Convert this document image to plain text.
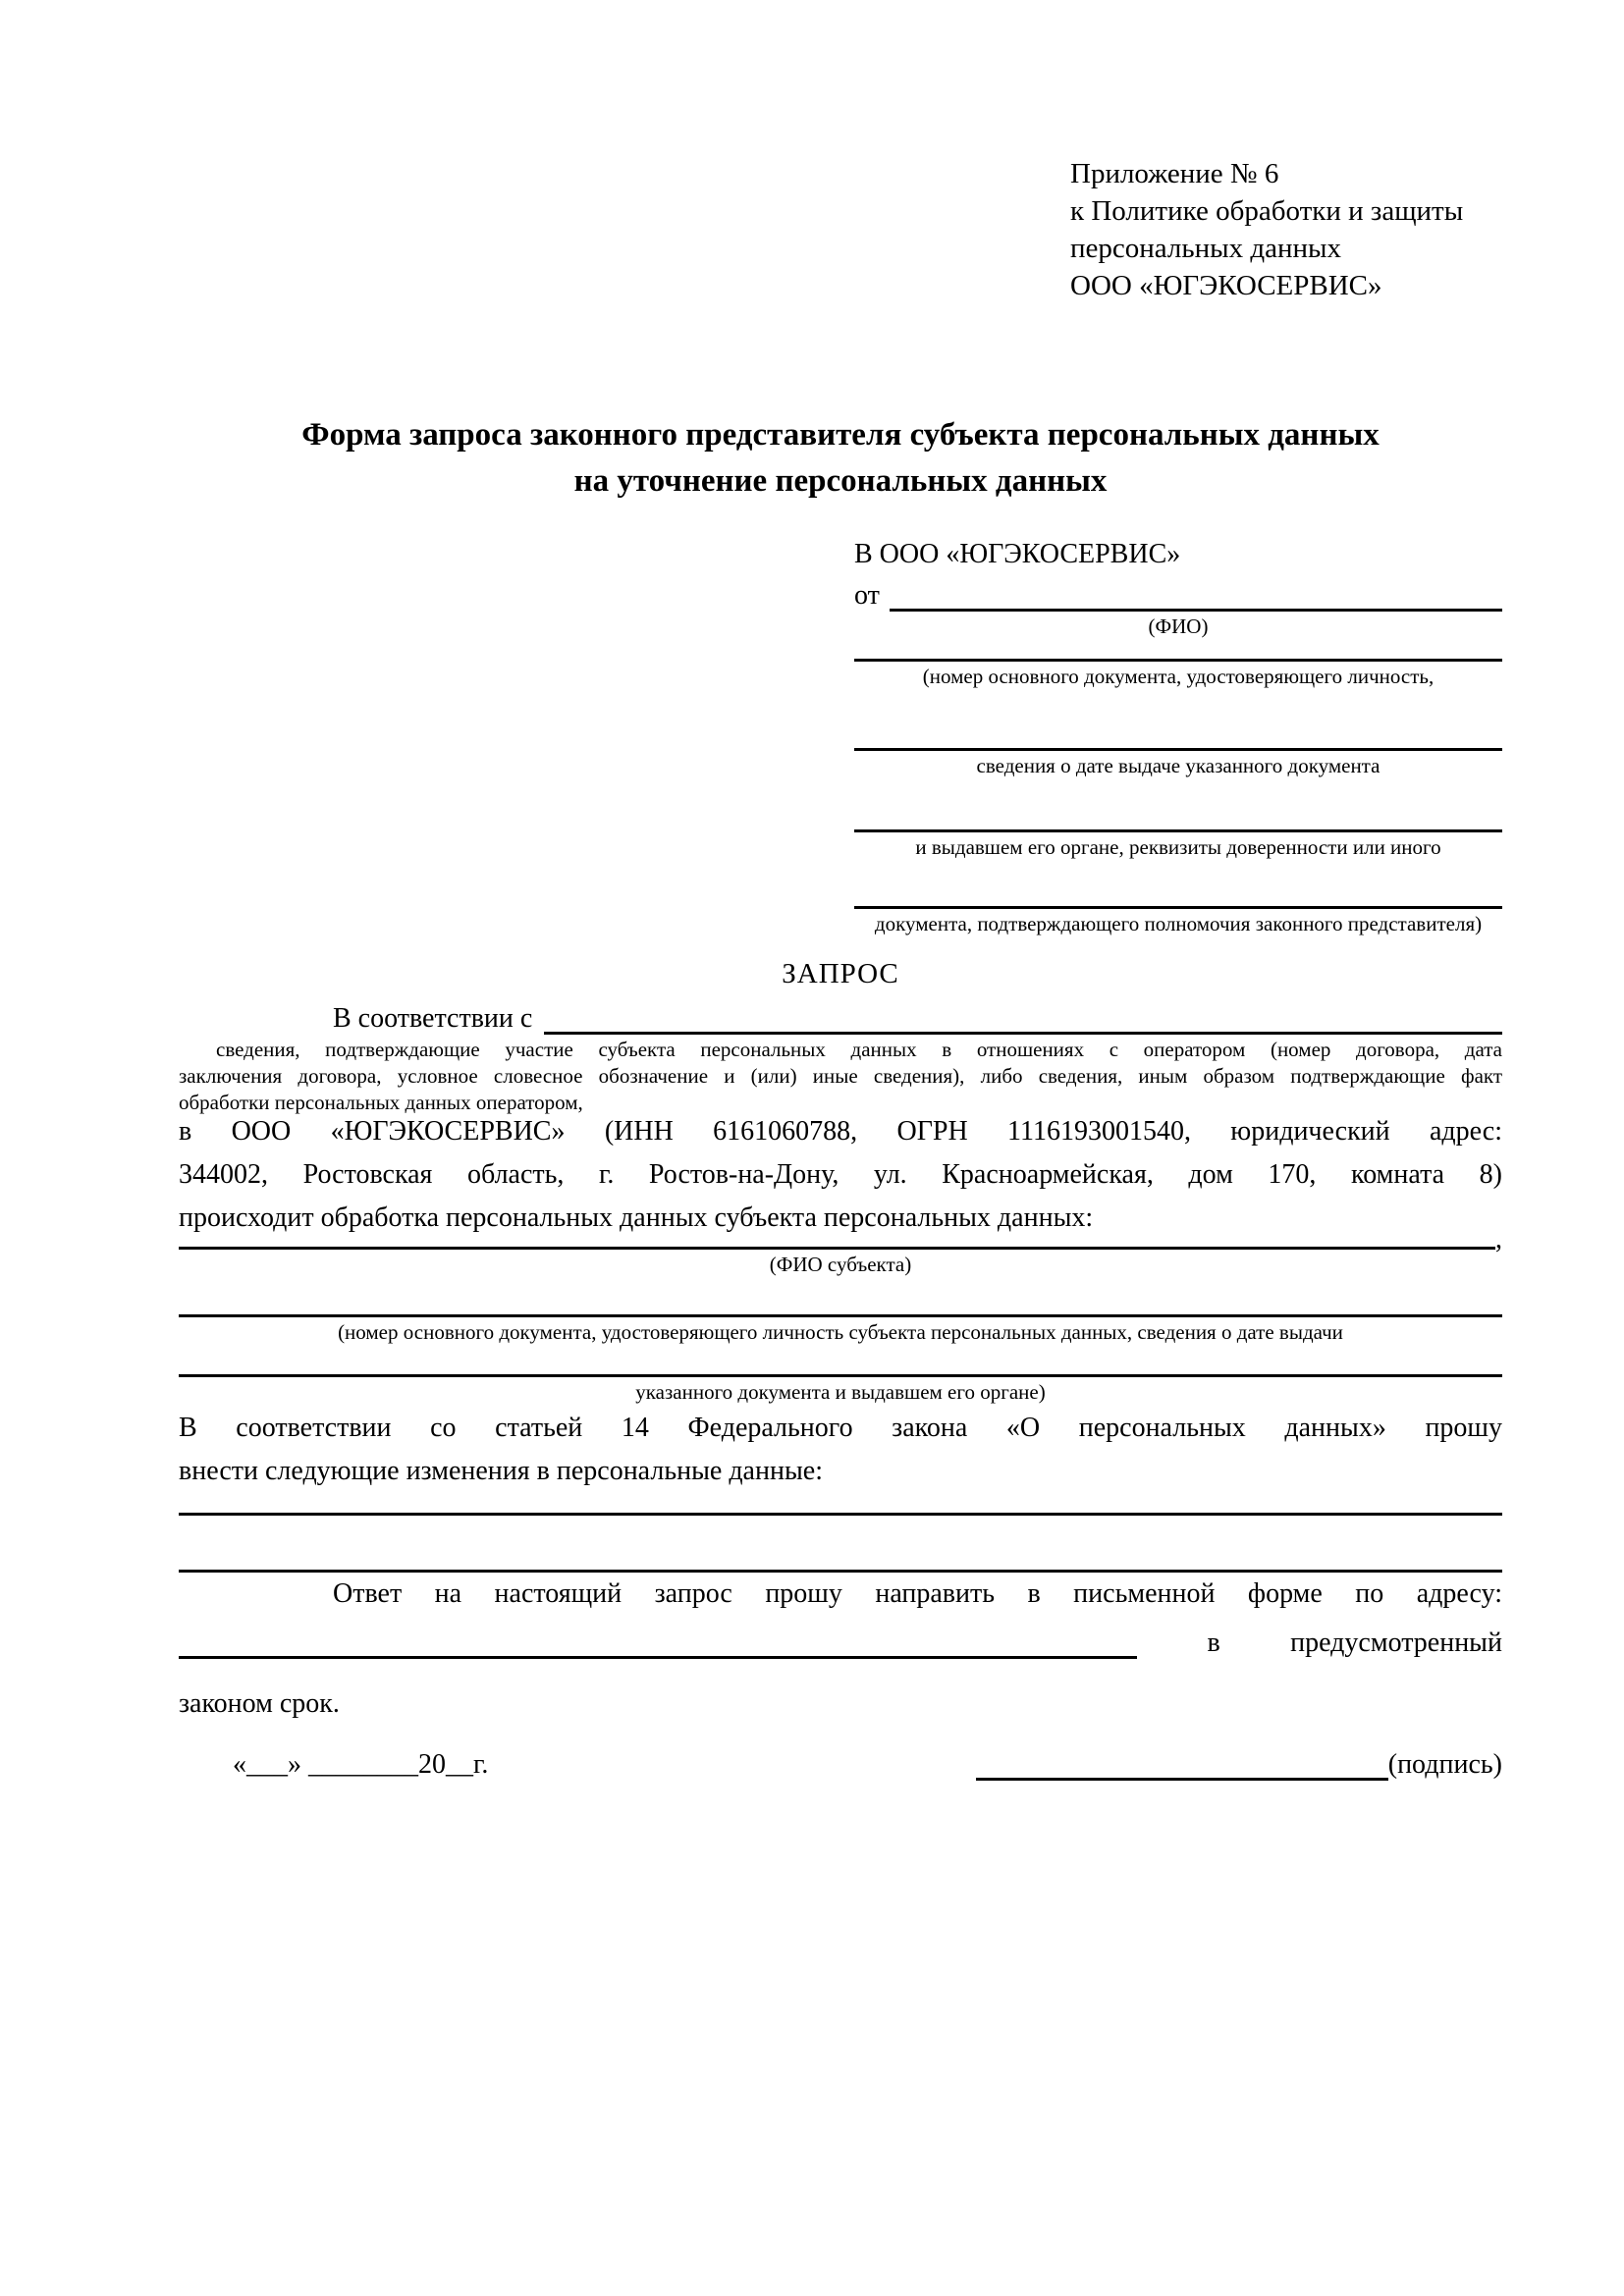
Приложение № 6
к Политике обработки и защиты
персональных данных
ООО «ЮГЭКОСЕРВИС»
Форма запроса законного представителя субъекта персональных данных
на уточнение персональных данных
В ООО «ЮГЭКОСЕРВИС»
от
(ФИО)
(номер основного документа, удостоверяющего личность,
сведения о дате выдаче указанного документа
и выдавшем его органе, реквизиты доверенности или иного
документа, подтверждающего полномочия законного представителя)
ЗАПРОС
В соответствии с
сведения, подтверждающие участие субъекта персональных данных в отношениях с оператором (номер договора, дата
заключения договора, условное словесное обозначение и (или) иные сведения), либо сведения, иным образом подтверждающие факт
обработки персональных данных оператором,
в ООО «ЮГЭКОСЕРВИС» (ИНН 6161060788, ОГРН 1116193001540, юридический адрес:
344002, Ростовская область, г. Ростов-на-Дону, ул. Красноармейская, дом 170, комната 8)
происходит обработка персональных данных субъекта персональных данных:
,
(ФИО субъекта)
(номер основного документа, удостоверяющего личность субъекта персональных данных, сведения о дате выдачи
указанного документа и выдавшем его органе)
В соответствии со статьей 14 Федерального закона «О персональных данных» прошу
внести следующие изменения в персональные данные:
Ответ на настоящий запрос прошу направить в письменной форме по адресу:
в	предусмотренный
законом срок.
«___» ________20__г.	(подпись)
